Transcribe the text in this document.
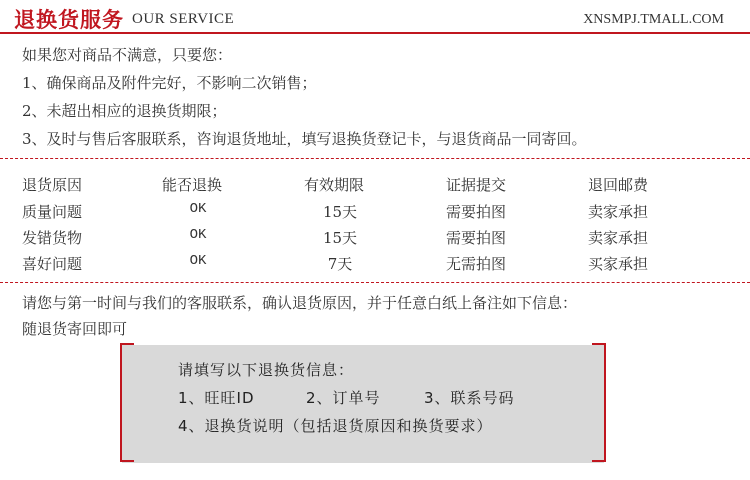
退换货服务 OUR SERVICE	XNSMPJ.TMALL.COM
如果您对商品不满意，只要您：
1、确保商品及附件完好，不影响二次销售；
2、未超出相应的退换货期限；
3、及时与售后客服联系，咨询退货地址，填写退换货登记卡，与退货商品一同寄回。
退货原因	能否退换	有效期限	证据提交	退回邮费
质量问题	OK	15天	需要拍图	卖家承担
发错货物	OK	15天	需要拍图	卖家承担
喜好问题	OK	7天	无需拍图	买家承担
请您与第一时间与我们的客服联系，确认退货原因，并于任意白纸上备注如下信息：
随退货寄回即可
请填写以下退换货信息：
1、旺旺ID	2、订单号	3、联系号码
4、退换货说明（包括退货原因和换货要求）
